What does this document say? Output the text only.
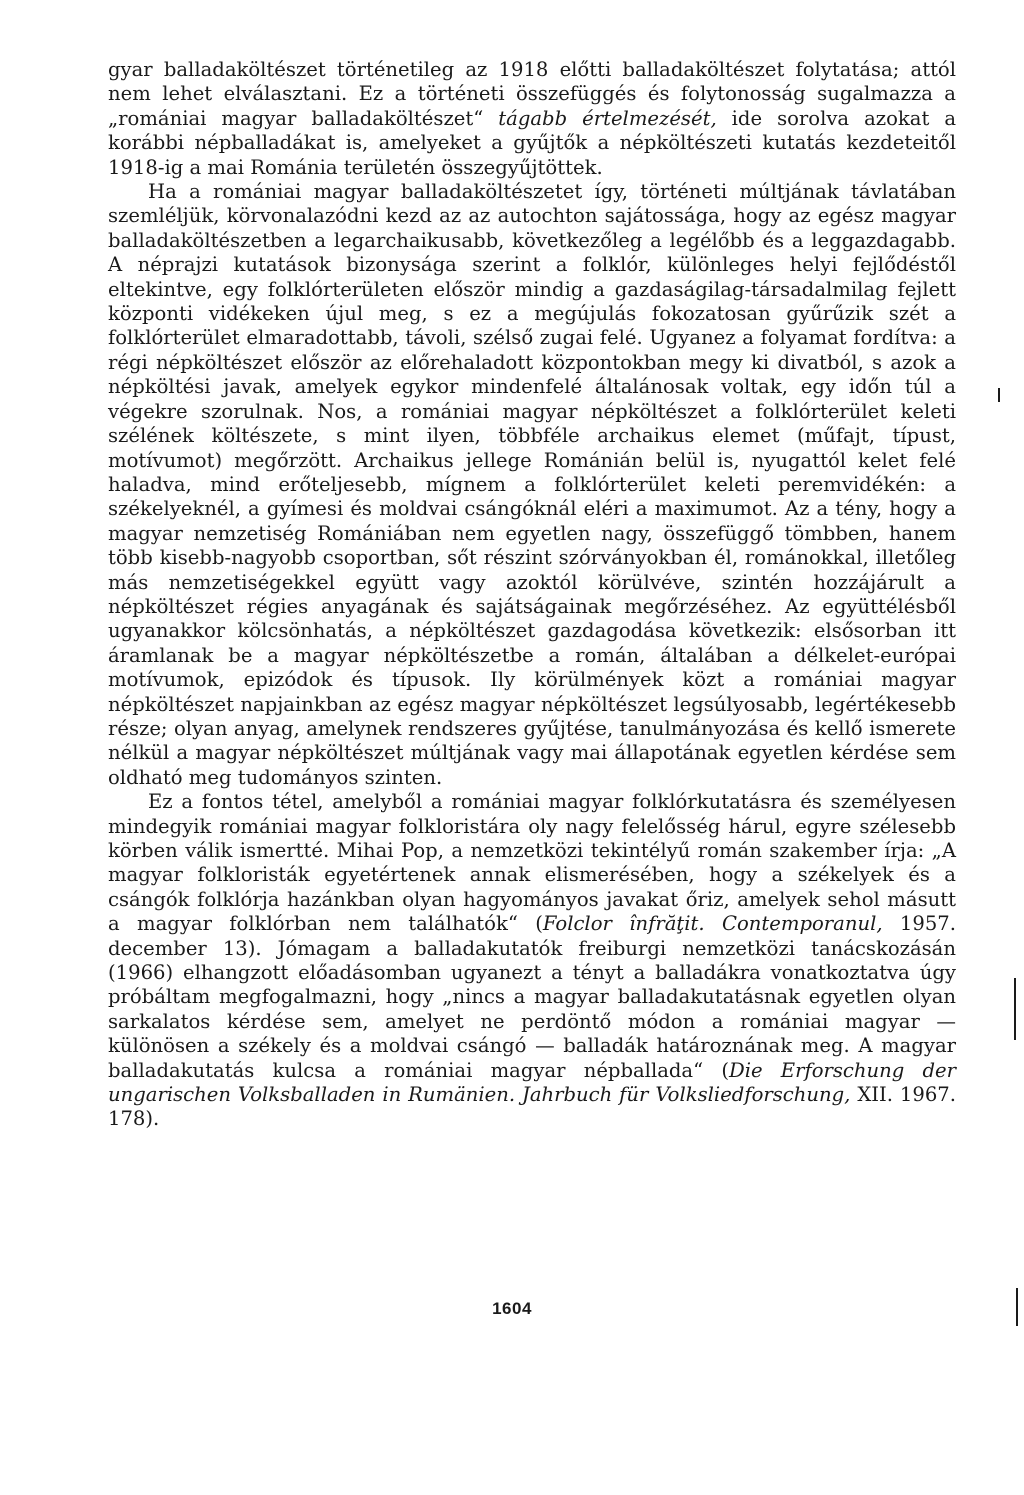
gyar balladaköltészet történetileg az 1918 előtti balladaköltészet folytatása; attól nem lehet elválasztani. Ez a történeti összefüggés és folytonosság sugalmazza a „romániai magyar balladaköltészet“ tágabb értelmezését, ide sorolva azokat a korábbi népballadákat is, amelyeket a gyűjtők a népköltészeti kutatás kezdeteitől 1918-ig a mai Románia területén összegyűjtöttek.

Ha a romániai magyar balladaköltészetet így, történeti múltjának távlatában szemléljük, körvonalazódni kezd az az autochton sajátossága, hogy az egész magyar balladaköltészetben a legarchaikusabb, következőleg a legélőbb és a leggazdagabb. A néprajzi kutatások bizonysága szerint a folklór, különleges helyi fejlődéstől eltekintve, egy folklórterületen először mindig a gazdaságilag-társadalmilag fejlett központi vidékeken újul meg, s ez a megújulás fokozatosan gyűrűzik szét a folklórterület elmaradottabb, távoli, szélső zugai felé. Ugyanez a folyamat fordítva: a régi népköltészet először az előrehaladott központokban megy ki divatból, s azok a népköltési javak, amelyek egykor mindenfelé általánosak voltak, egy időn túl a végekre szorulnak. Nos, a romániai magyar népköltészet a folklórterület keleti szélének költészete, s mint ilyen, többféle archaikus elemet (műfajt, típust, motívumot) megőrzött. Archaikus jellege Románián belül is, nyugattól kelet felé haladva, mind erőteljesebb, mígnem a folklórterület keleti peremvidékén: a székelyeknél, a gyímesi és moldvai csángóknál eléri a maximumot. Az a tény, hogy a magyar nemzetiség Romániában nem egyetlen nagy, összefüggő tömbben, hanem több kisebb-nagyobb csoportban, sőt részint szórványokban él, románokkal, illetőleg más nemzetiségekkel együtt vagy azoktól körülvéve, szintén hozzájárult a népköltészet régies anyagának és sajátságainak megőrzéséhez. Az együttélésből ugyanakkor kölcsönhatás, a népköltészet gazdagodása következik: elsősorban itt áramlanak be a magyar népköltészetbe a román, általában a délkelet-európai motívumok, epizódok és típusok. Ily körülmények közt a romániai magyar népköltészet napjainkban az egész magyar népköltészet legsúlyosabb, legértékesebb része; olyan anyag, amelynek rendszeres gyűjtése, tanulmányozása és kellő ismerete nélkül a magyar népköltészet múltjának vagy mai állapotának egyetlen kérdése sem oldható meg tudományos szinten.

Ez a fontos tétel, amelyből a romániai magyar folklórkutatásra és személyesen mindegyik romániai magyar folkloristára oly nagy felelősség hárul, egyre szélesebb körben válik ismertté. Mihai Pop, a nemzetközi tekintélyű román szakember írja: „A magyar folkloristák egyetértenek annak elismerésében, hogy a székelyek és a csángók folklórja hazánkban olyan hagyományos javakat őriz, amelyek sehol másutt a magyar folklórban nem találhatók“ (Folclor înfrăţit. Contemporanul, 1957. december 13). Jómagam a balladakutatók freiburgi nemzetközi tanácskozásán (1966) elhangzott előadásomban ugyanezt a tényt a balladákra vonatkoztatva úgy próbáltam megfogalmazni, hogy „nincs a magyar balladakutatásnak egyetlen olyan sarkalatos kérdése sem, amelyet ne perdöntő módon a romániai magyar — különösen a székely és a moldvai csángó — balladák határoznának meg. A magyar balladakutatás kulcsa a romániai magyar népballada“ (Die Erforschung der ungarischen Volksballaden in Rumänien. Jahrbuch für Volksliedforschung, XII. 1967. 178).

1604
